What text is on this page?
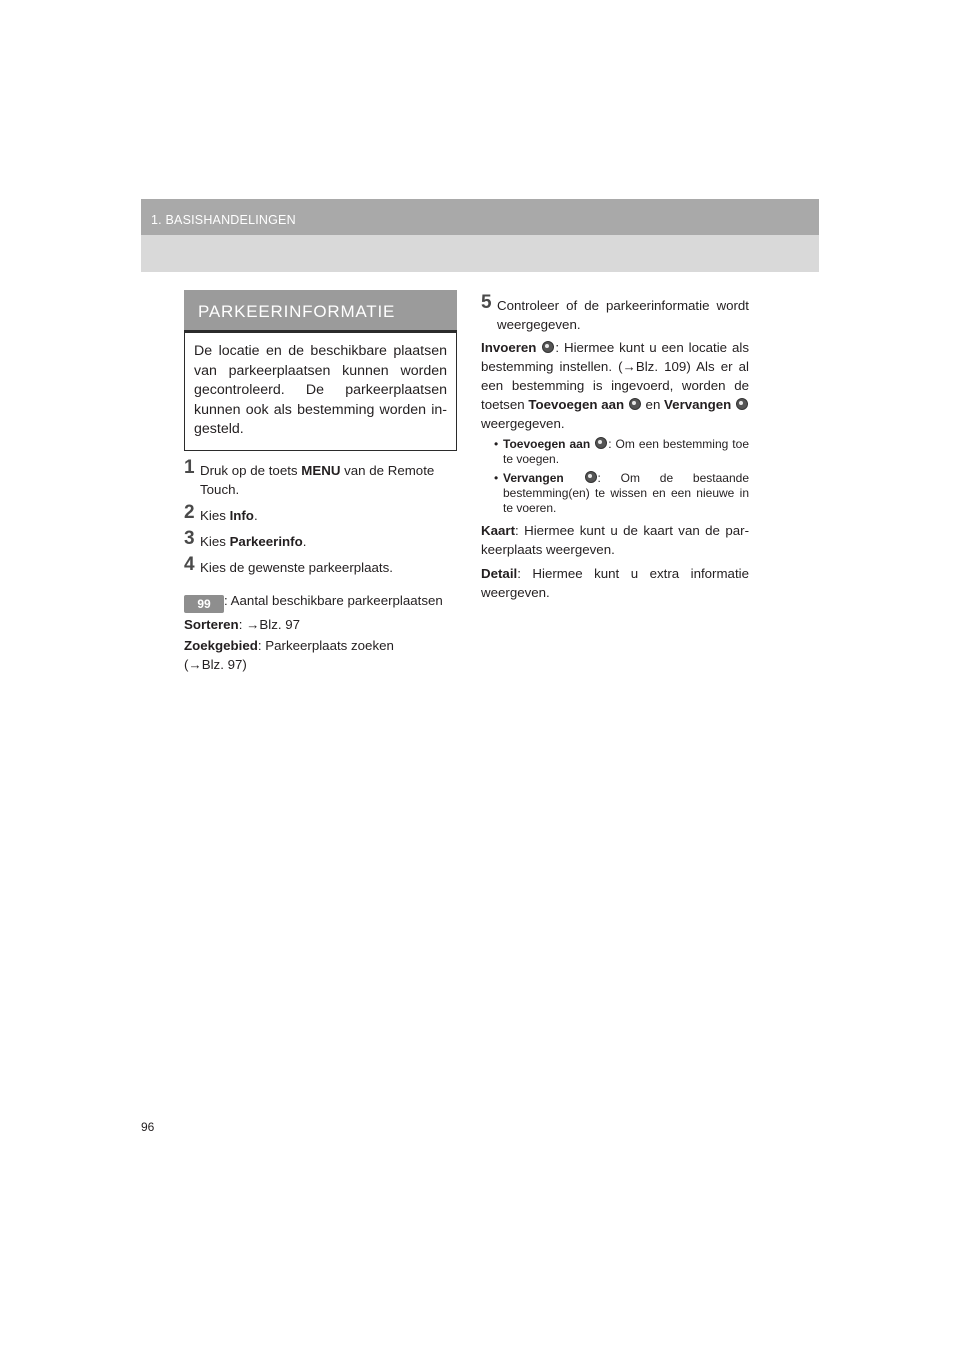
1. BASISHANDELINGEN
PARKEERINFORMATIE
De locatie en de beschikbare plaatsen van parkeerplaatsen kunnen worden gecontroleerd. De parkeerplaatsen kunnen ook als bestemming worden in-gesteld.
1 Druk op de toets MENU van de Remote Touch.
2 Kies Info.
3 Kies Parkeerinfo.
4 Kies de gewenste parkeerplaats.
99 : Aantal beschikbare parkeerplaatsen
Sorteren: →Blz. 97
Zoekgebied: Parkeerplaats zoeken
(→Blz. 97)
5 Controleer of de parkeerinformatie wordt weergegeven.
Invoeren : Hiermee kunt u een locatie als bestemming instellen. (→Blz. 109) Als er al een bestemming is ingevoerd, worden de toetsen Toevoegen aan  en Vervangen  weergegeven.
• Toevoegen aan : Om een bestemming toe te voegen.
• Vervangen	: Om de bestaande bestemming(en) te wissen en een nieuwe in te voeren.
Kaart: Hiermee kunt u de kaart van de par-keerplaats weergeven.
Detail: Hiermee kunt u extra informatie weergeven.
96
